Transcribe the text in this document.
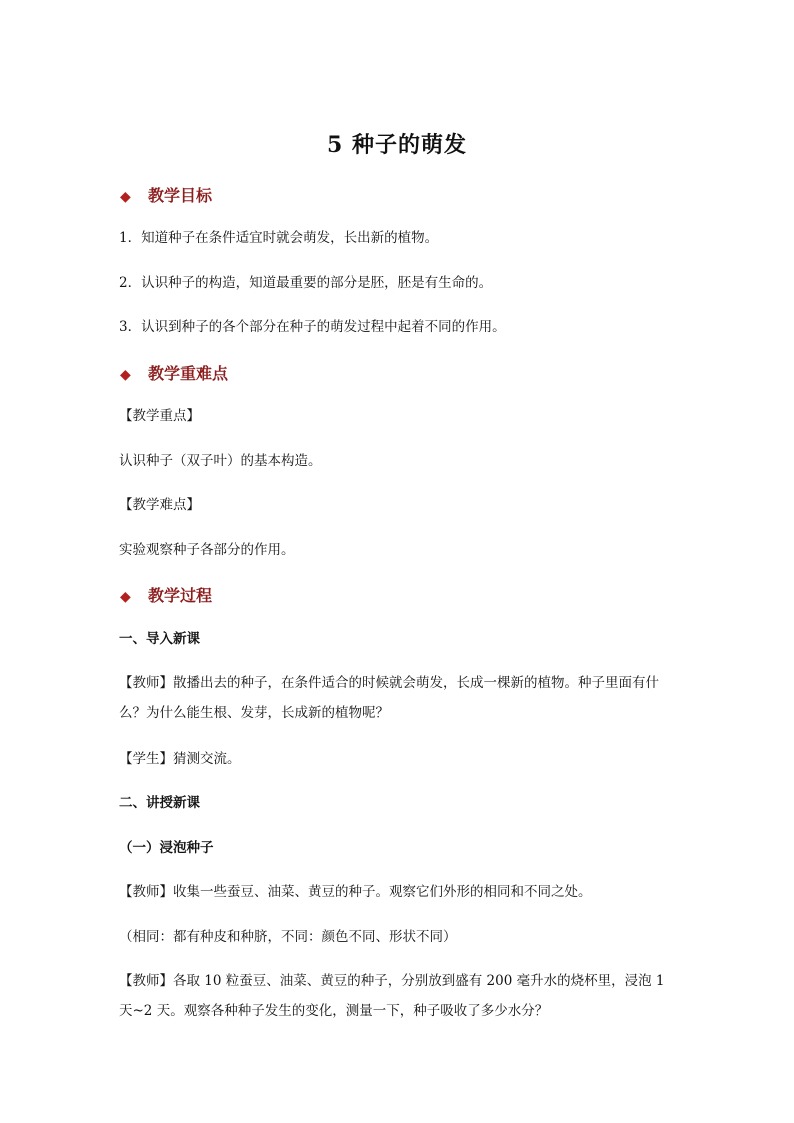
5 种子的萌发
◆ 教学目标
1．知道种子在条件适宜时就会萌发，长出新的植物。
2．认识种子的构造，知道最重要的部分是胚，胚是有生命的。
3．认识到种子的各个部分在种子的萌发过程中起着不同的作用。
◆ 教学重难点
【教学重点】
认识种子（双子叶）的基本构造。
【教学难点】
实验观察种子各部分的作用。
◆ 教学过程
一、导入新课
【教师】散播出去的种子，在条件适合的时候就会萌发，长成一棵新的植物。种子里面有什么？为什么能生根、发芽，长成新的植物呢？
【学生】猜测交流。
二、讲授新课
（一）浸泡种子
【教师】收集一些蚕豆、油菜、黄豆的种子。观察它们外形的相同和不同之处。
（相同：都有种皮和种脐，不同：颜色不同、形状不同）
【教师】各取 10 粒蚕豆、油菜、黄豆的种子，分别放到盛有 200 毫升水的烧杯里，浸泡 1 天~2 天。观察各种种子发生的变化，测量一下，种子吸收了多少水分？
